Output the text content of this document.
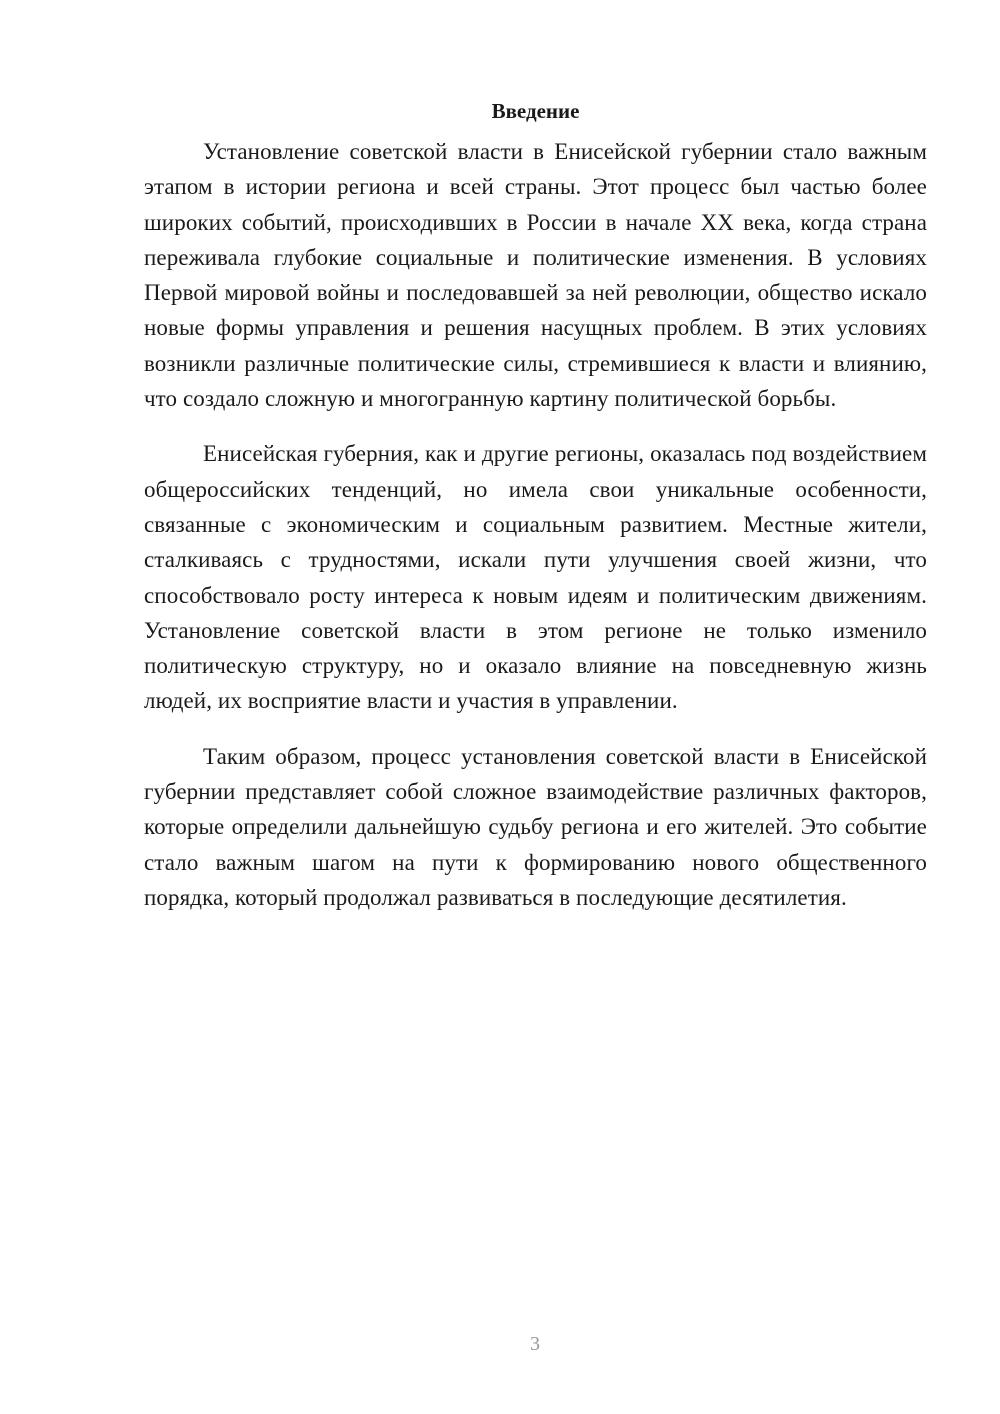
Введение

Установление советской власти в Енисейской губернии стало важным этапом в истории региона и всей страны. Этот процесс был частью более широких событий, происходивших в России в начале XX века, когда страна переживала глубокие социальные и политические изменения. В условиях Первой мировой войны и последовавшей за ней революции, общество искало новые формы управления и решения насущных проблем. В этих условиях возникли различные политические силы, стремившиеся к власти и влиянию, что создало сложную и многогранную картину политической борьбы.

Енисейская губерния, как и другие регионы, оказалась под воздействием общероссийских тенденций, но имела свои уникальные особенности, связанные с экономическим и социальным развитием. Местные жители, сталкиваясь с трудностями, искали пути улучшения своей жизни, что способствовало росту интереса к новым идеям и политическим движениям. Установление советской власти в этом регионе не только изменило политическую структуру, но и оказало влияние на повседневную жизнь людей, их восприятие власти и участия в управлении.

Таким образом, процесс установления советской власти в Енисейской губернии представляет собой сложное взаимодействие различных факторов, которые определили дальнейшую судьбу региона и его жителей. Это событие стало важным шагом на пути к формированию нового общественного порядка, который продолжал развиваться в последующие десятилетия.

3
